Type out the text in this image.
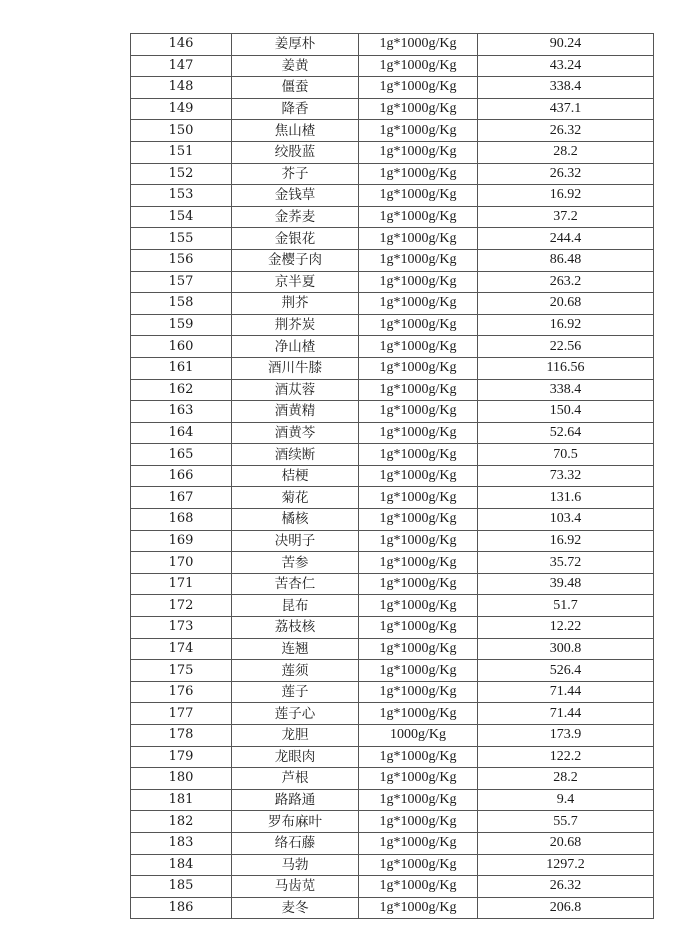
146	姜厚朴	1g*1000g/Kg	90.24
147	姜黄	1g*1000g/Kg	43.24
148	僵蚕	1g*1000g/Kg	338.4
149	降香	1g*1000g/Kg	437.1
150	焦山楂	1g*1000g/Kg	26.32
151	绞股蓝	1g*1000g/Kg	28.2
152	芥子	1g*1000g/Kg	26.32
153	金钱草	1g*1000g/Kg	16.92
154	金荞麦	1g*1000g/Kg	37.2
155	金银花	1g*1000g/Kg	244.4
156	金樱子肉	1g*1000g/Kg	86.48
157	京半夏	1g*1000g/Kg	263.2
158	荆芥	1g*1000g/Kg	20.68
159	荆芥炭	1g*1000g/Kg	16.92
160	净山楂	1g*1000g/Kg	22.56
161	酒川牛膝	1g*1000g/Kg	116.56
162	酒苁蓉	1g*1000g/Kg	338.4
163	酒黄精	1g*1000g/Kg	150.4
164	酒黄芩	1g*1000g/Kg	52.64
165	酒续断	1g*1000g/Kg	70.5
166	桔梗	1g*1000g/Kg	73.32
167	菊花	1g*1000g/Kg	131.6
168	橘核	1g*1000g/Kg	103.4
169	决明子	1g*1000g/Kg	16.92
170	苦参	1g*1000g/Kg	35.72
171	苦杏仁	1g*1000g/Kg	39.48
172	昆布	1g*1000g/Kg	51.7
173	荔枝核	1g*1000g/Kg	12.22
174	连翘	1g*1000g/Kg	300.8
175	莲须	1g*1000g/Kg	526.4
176	莲子	1g*1000g/Kg	71.44
177	莲子心	1g*1000g/Kg	71.44
178	龙胆	1000g/Kg	173.9
179	龙眼肉	1g*1000g/Kg	122.2
180	芦根	1g*1000g/Kg	28.2
181	路路通	1g*1000g/Kg	9.4
182	罗布麻叶	1g*1000g/Kg	55.7
183	络石藤	1g*1000g/Kg	20.68
184	马勃	1g*1000g/Kg	1297.2
185	马齿苋	1g*1000g/Kg	26.32
186	麦冬	1g*1000g/Kg	206.8
